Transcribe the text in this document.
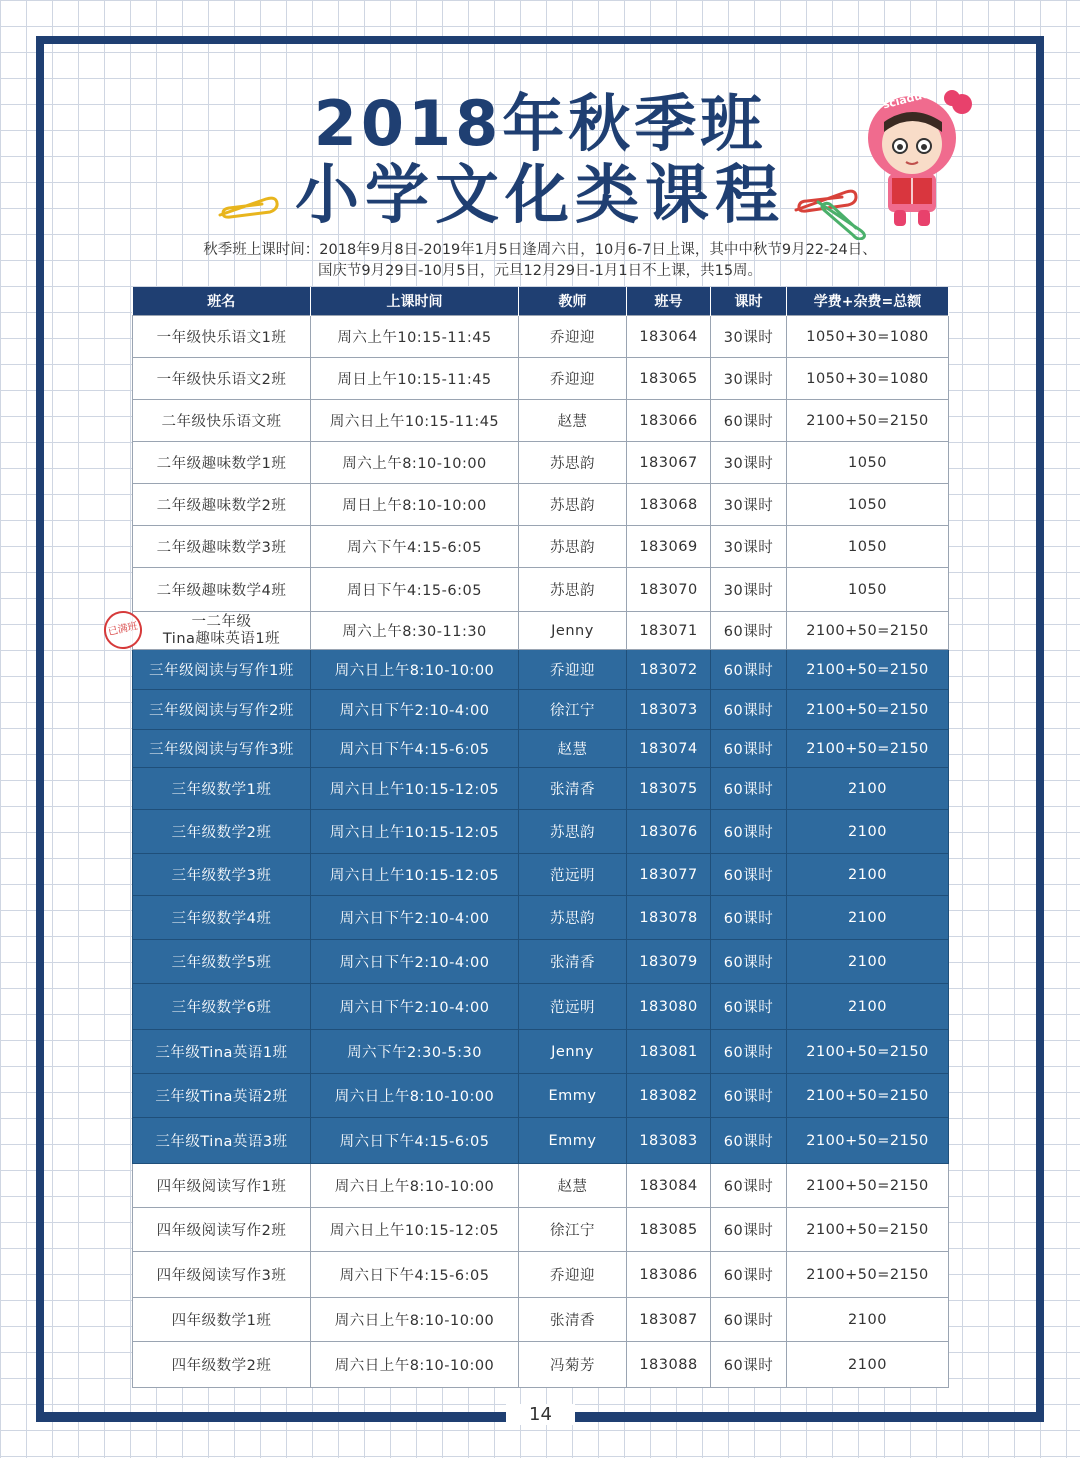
14
2018年秋季班
小学文化类课程
sciaduce
秋季班上课时间：2018年9月8日-2019年1月5日逢周六日，10月6-7日上课，其中中秋节9月22-24日、
国庆节9月29日-10月5日，元旦12月29日-1月1日不上课，共15周。
班名	上课时间	教师	班号	课时	学费+杂费=总额
一年级快乐语文1班	周六上午10:15-11:45	乔迎迎	183064	30课时	1050+30=1080
一年级快乐语文2班	周日上午10:15-11:45	乔迎迎	183065	30课时	1050+30=1080
二年级快乐语文班	周六日上午10:15-11:45	赵慧	183066	60课时	2100+50=2150
二年级趣味数学1班	周六上午8:10-10:00	苏思韵	183067	30课时	1050
二年级趣味数学2班	周日上午8:10-10:00	苏思韵	183068	30课时	1050
二年级趣味数学3班	周六下午4:15-6:05	苏思韵	183069	30课时	1050
二年级趣味数学4班	周日下午4:15-6:05	苏思韵	183070	30课时	1050

一二年级
Tina趣味英语1班	周六上午8:30-11:30	Jenny	183071	60课时	2100+50=2150
三年级阅读与写作1班	周六日上午8:10-10:00	乔迎迎	183072	60课时	2100+50=2150
三年级阅读与写作2班	周六日下午2:10-4:00	徐江宁	183073	60课时	2100+50=2150
三年级阅读与写作3班	周六日下午4:15-6:05	赵慧	183074	60课时	2100+50=2150
三年级数学1班	周六日上午10:15-12:05	张清香	183075	60课时	2100
三年级数学2班	周六日上午10:15-12:05	苏思韵	183076	60课时	2100
三年级数学3班	周六日上午10:15-12:05	范远明	183077	60课时	2100
三年级数学4班	周六日下午2:10-4:00	苏思韵	183078	60课时	2100
三年级数学5班	周六日下午2:10-4:00	张清香	183079	60课时	2100
三年级数学6班	周六日下午2:10-4:00	范远明	183080	60课时	2100
三年级Tina英语1班	周六下午2:30-5:30	Jenny	183081	60课时	2100+50=2150
三年级Tina英语2班	周六日上午8:10-10:00	Emmy	183082	60课时	2100+50=2150
三年级Tina英语3班	周六日下午4:15-6:05	Emmy	183083	60课时	2100+50=2150
四年级阅读写作1班	周六日上午8:10-10:00	赵慧	183084	60课时	2100+50=2150
四年级阅读写作2班	周六日上午10:15-12:05	徐江宁	183085	60课时	2100+50=2150
四年级阅读写作3班	周六日下午4:15-6:05	乔迎迎	183086	60课时	2100+50=2150
四年级数学1班	周六日上午8:10-10:00	张清香	183087	60课时	2100
四年级数学2班	周六日上午8:10-10:00	冯菊芳	183088	60课时	2100
已满班
